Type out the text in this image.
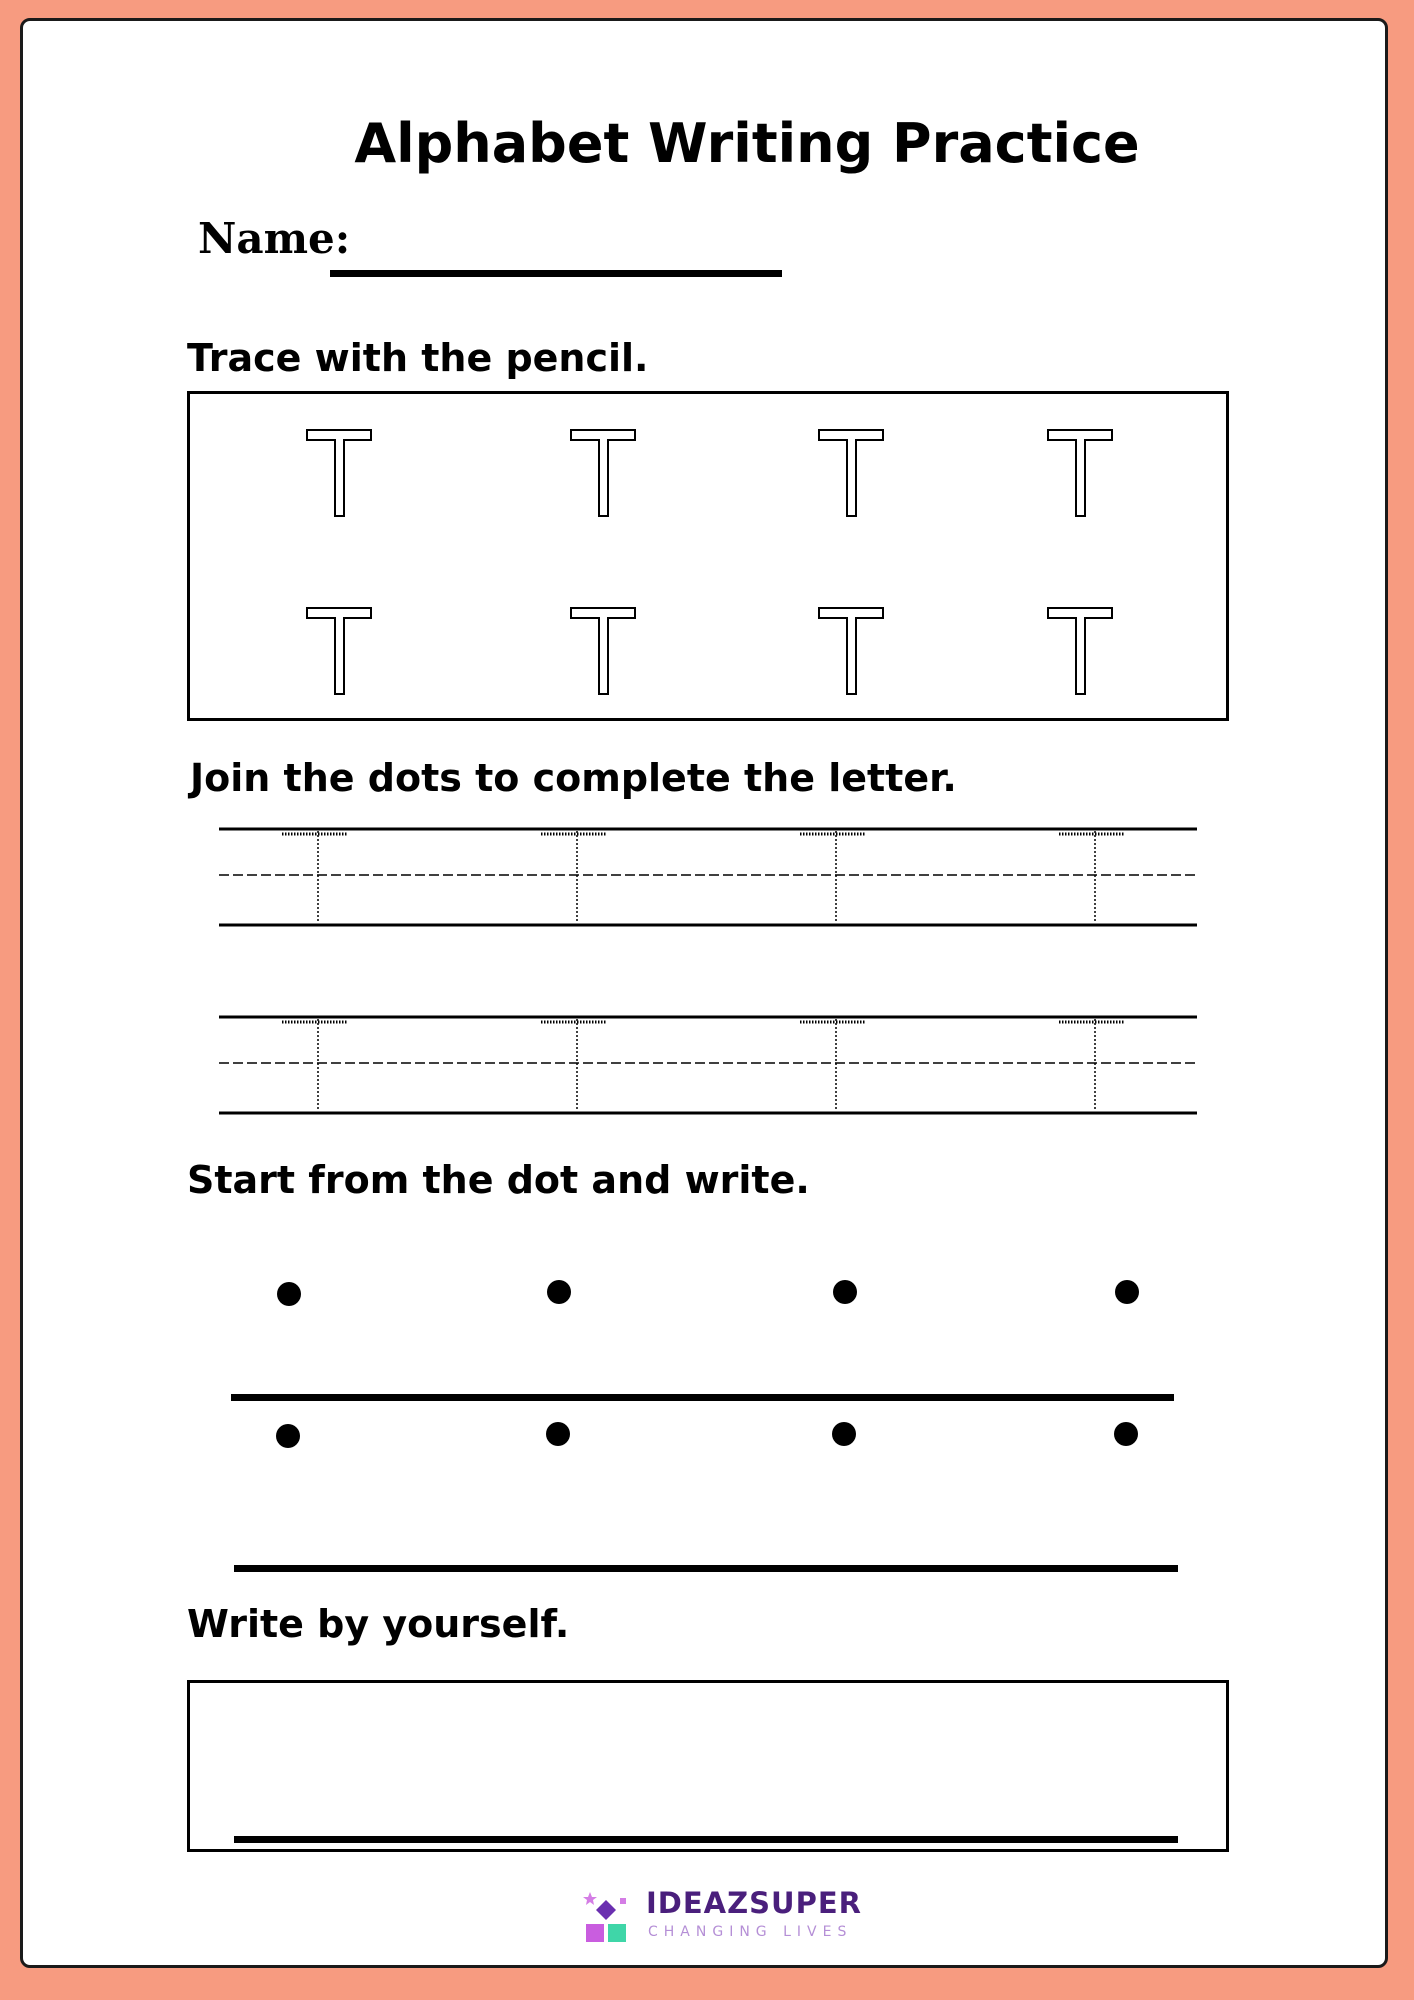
Alphabet Writing Practice
Name:
Trace with the pencil.
Join the dots to complete the letter.
Start from the dot and write.
Write by yourself.
IDEAZSUPER
CHANGING LIVES
